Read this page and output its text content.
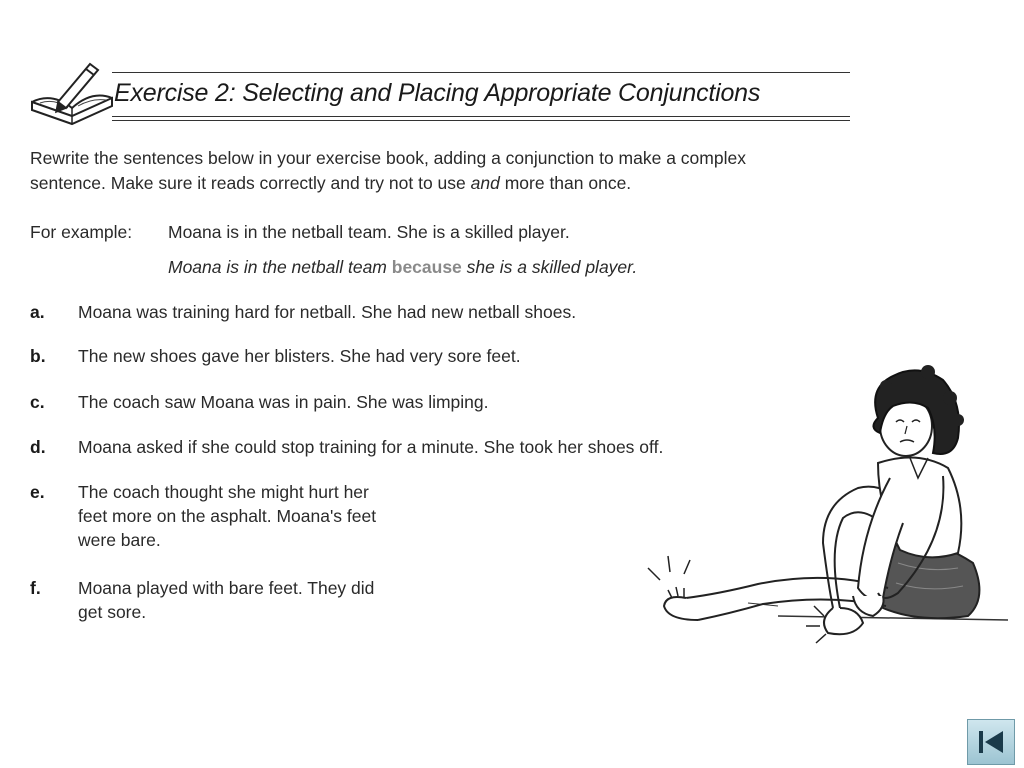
Exercise 2: Selecting and Placing Appropriate Conjunctions

Rewrite the sentences below in your exercise book, adding a conjunction to make a complex

sentence. Make sure it reads correctly and try not to use and more than once.

For example: Moana is in the netball team. She is a skilled player.
Moana is in the netball team because she is a skilled player.
a. Moana was training hard for netball. She had new netball shoes.
b. The new shoes gave her blisters. She had very sore feet.
c. The coach saw Moana was in pain. She was limping.
d. Moana asked if she could stop training for a minute. She took her shoes off.
e. The coach thought she might hurt her
feet more on the asphalt. Moana's feet
were bare.
f. Moana played with bare feet. They did
get sore.
